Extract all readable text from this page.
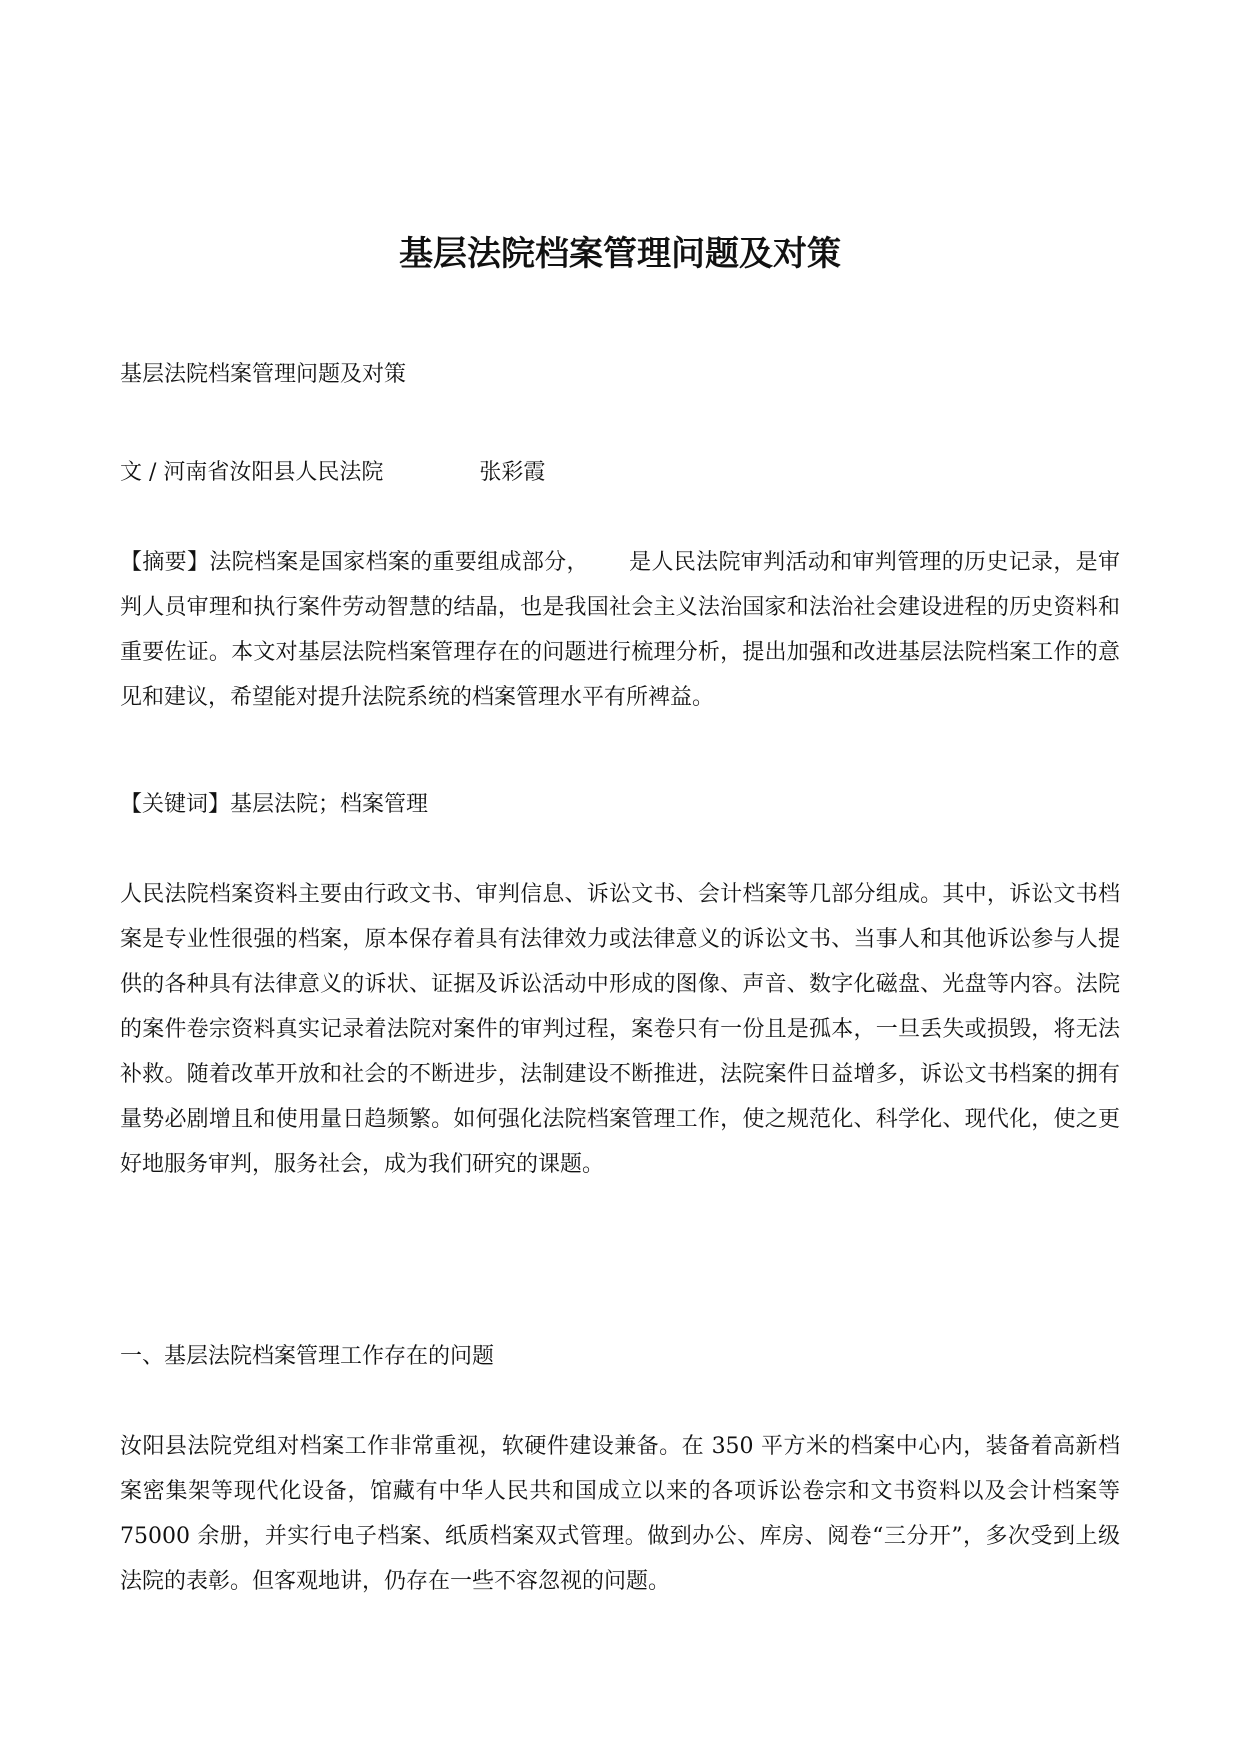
基层法院档案管理问题及对策

基层法院档案管理问题及对策

文 / 河南省汝阳县人民法院	张彩霞

【摘要】法院档案是国家档案的重要组成部分， 是人民法院审判活动和审判管理的历史记录，是审判人员审理和执行案件劳动智慧的结晶，也是我国社会主义法治国家和法治社会建设进程的历史资料和重要佐证。本文对基层法院档案管理存在的问题进行梳理分析，提出加强和改进基层法院档案工作的意见和建议，希望能对提升法院系统的档案管理水平有所裨益。

【关键词】基层法院；档案管理

人民法院档案资料主要由行政文书、审判信息、诉讼文书、会计档案等几部分组成。其中，诉讼文书档案是专业性很强的档案，原本保存着具有法律效力或法律意义的诉讼文书、当事人和其他诉讼参与人提供的各种具有法律意义的诉状、证据及诉讼活动中形成的图像、声音、数字化磁盘、光盘等内容。法院的案件卷宗资料真实记录着法院对案件的审判过程，案卷只有一份且是孤本，一旦丢失或损毁，将无法补救。随着改革开放和社会的不断进步，法制建设不断推进，法院案件日益增多，诉讼文书档案的拥有量势必剧增且和使用量日趋频繁。如何强化法院档案管理工作，使之规范化、科学化、现代化，使之更好地服务审判，服务社会，成为我们研究的课题。

一、基层法院档案管理工作存在的问题

汝阳县法院党组对档案工作非常重视，软硬件建设兼备。在 350 平方米的档案中心内，装备着高新档案密集架等现代化设备，馆藏有中华人民共和国成立以来的各项诉讼卷宗和文书资料以及会计档案等 75000 余册，并实行电子档案、纸质档案双式管理。做到办公、库房、阅卷“三分开”，多次受到上级法院的表彰。但客观地讲，仍存在一些不容忽视的问题。
